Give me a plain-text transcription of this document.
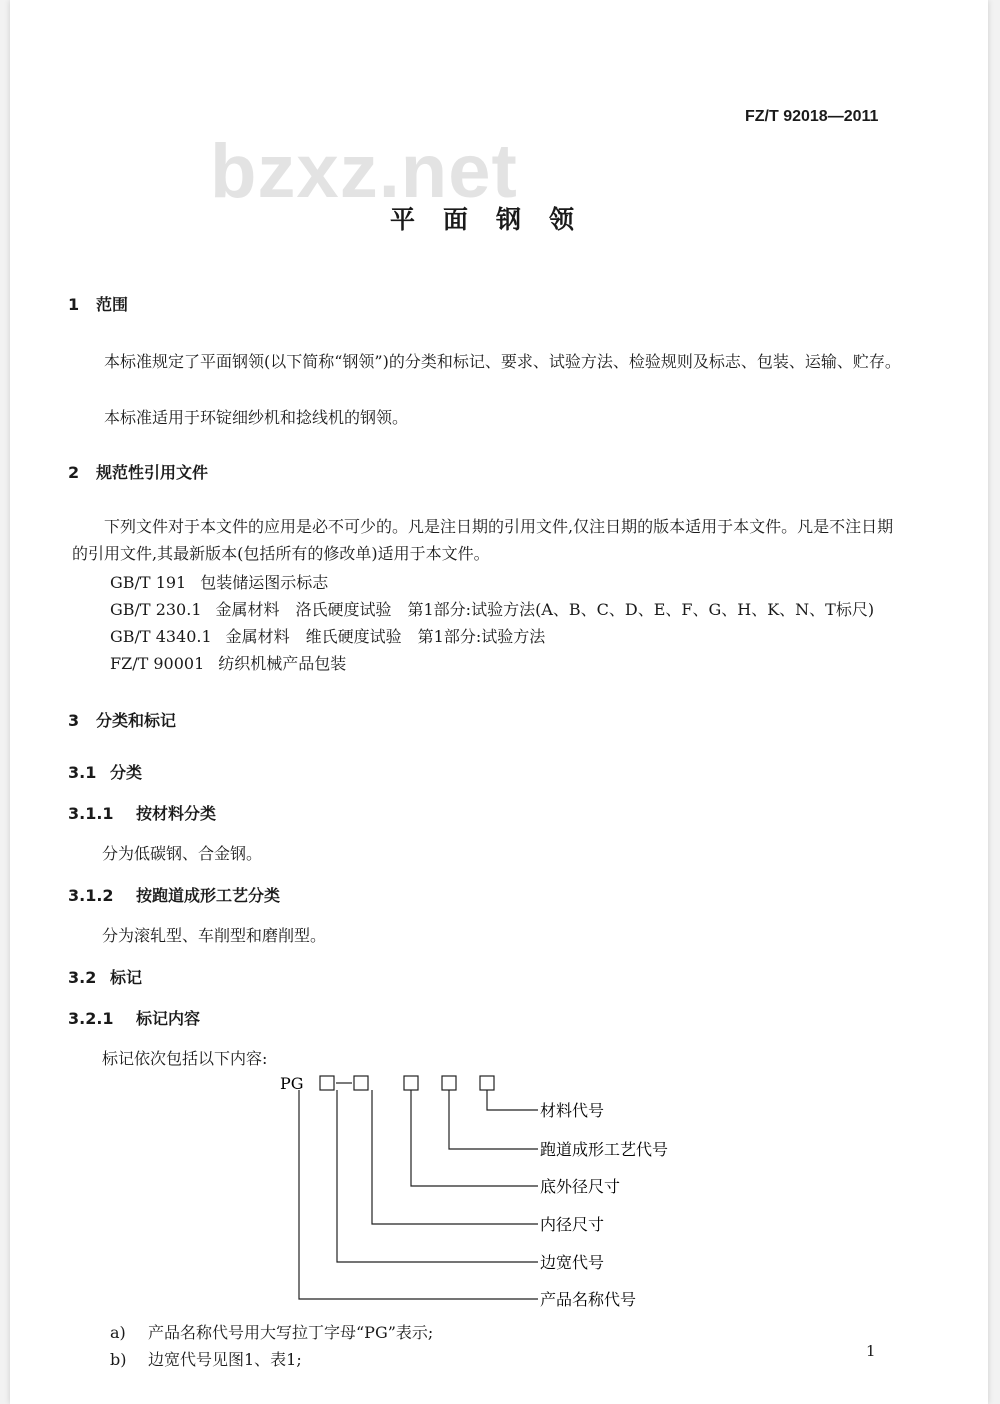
FZ/T 92018—2011
bzxz.net
平面钢领
1 范围
本标准规定了平面钢领(以下简称“钢领”)的分类和标记、要求、试验方法、检验规则及标志、包装、运输、贮存。
本标准适用于环锭细纱机和捻线机的钢领。
2 规范性引用文件
下列文件对于本文件的应用是必不可少的。凡是注日期的引用文件,仅注日期的版本适用于本文件。凡是不注日期的引用文件,其最新版本(包括所有的修改单)适用于本文件。
GB/T 191 包装储运图示标志
GB/T 230.1 金属材料　洛氏硬度试验　第1部分:试验方法(A、B、C、D、E、F、G、H、K、N、T标尺)
GB/T 4340.1 金属材料　维氏硬度试验　第1部分:试验方法
FZ/T 90001 纺织机械产品包装
3 分类和标记
3.1 分类
3.1.1 按材料分类
分为低碳钢、合金钢。
3.1.2 按跑道成形工艺分类
分为滚轧型、车削型和磨削型。
3.2 标记
3.2.1 标记内容
标记依次包括以下内容:
PG
材料代号
跑道成形工艺代号
底外径尺寸
内径尺寸
边宽代号
产品名称代号
a) 产品名称代号用大写拉丁字母“PG”表示;
b) 边宽代号见图1、表1;	1
